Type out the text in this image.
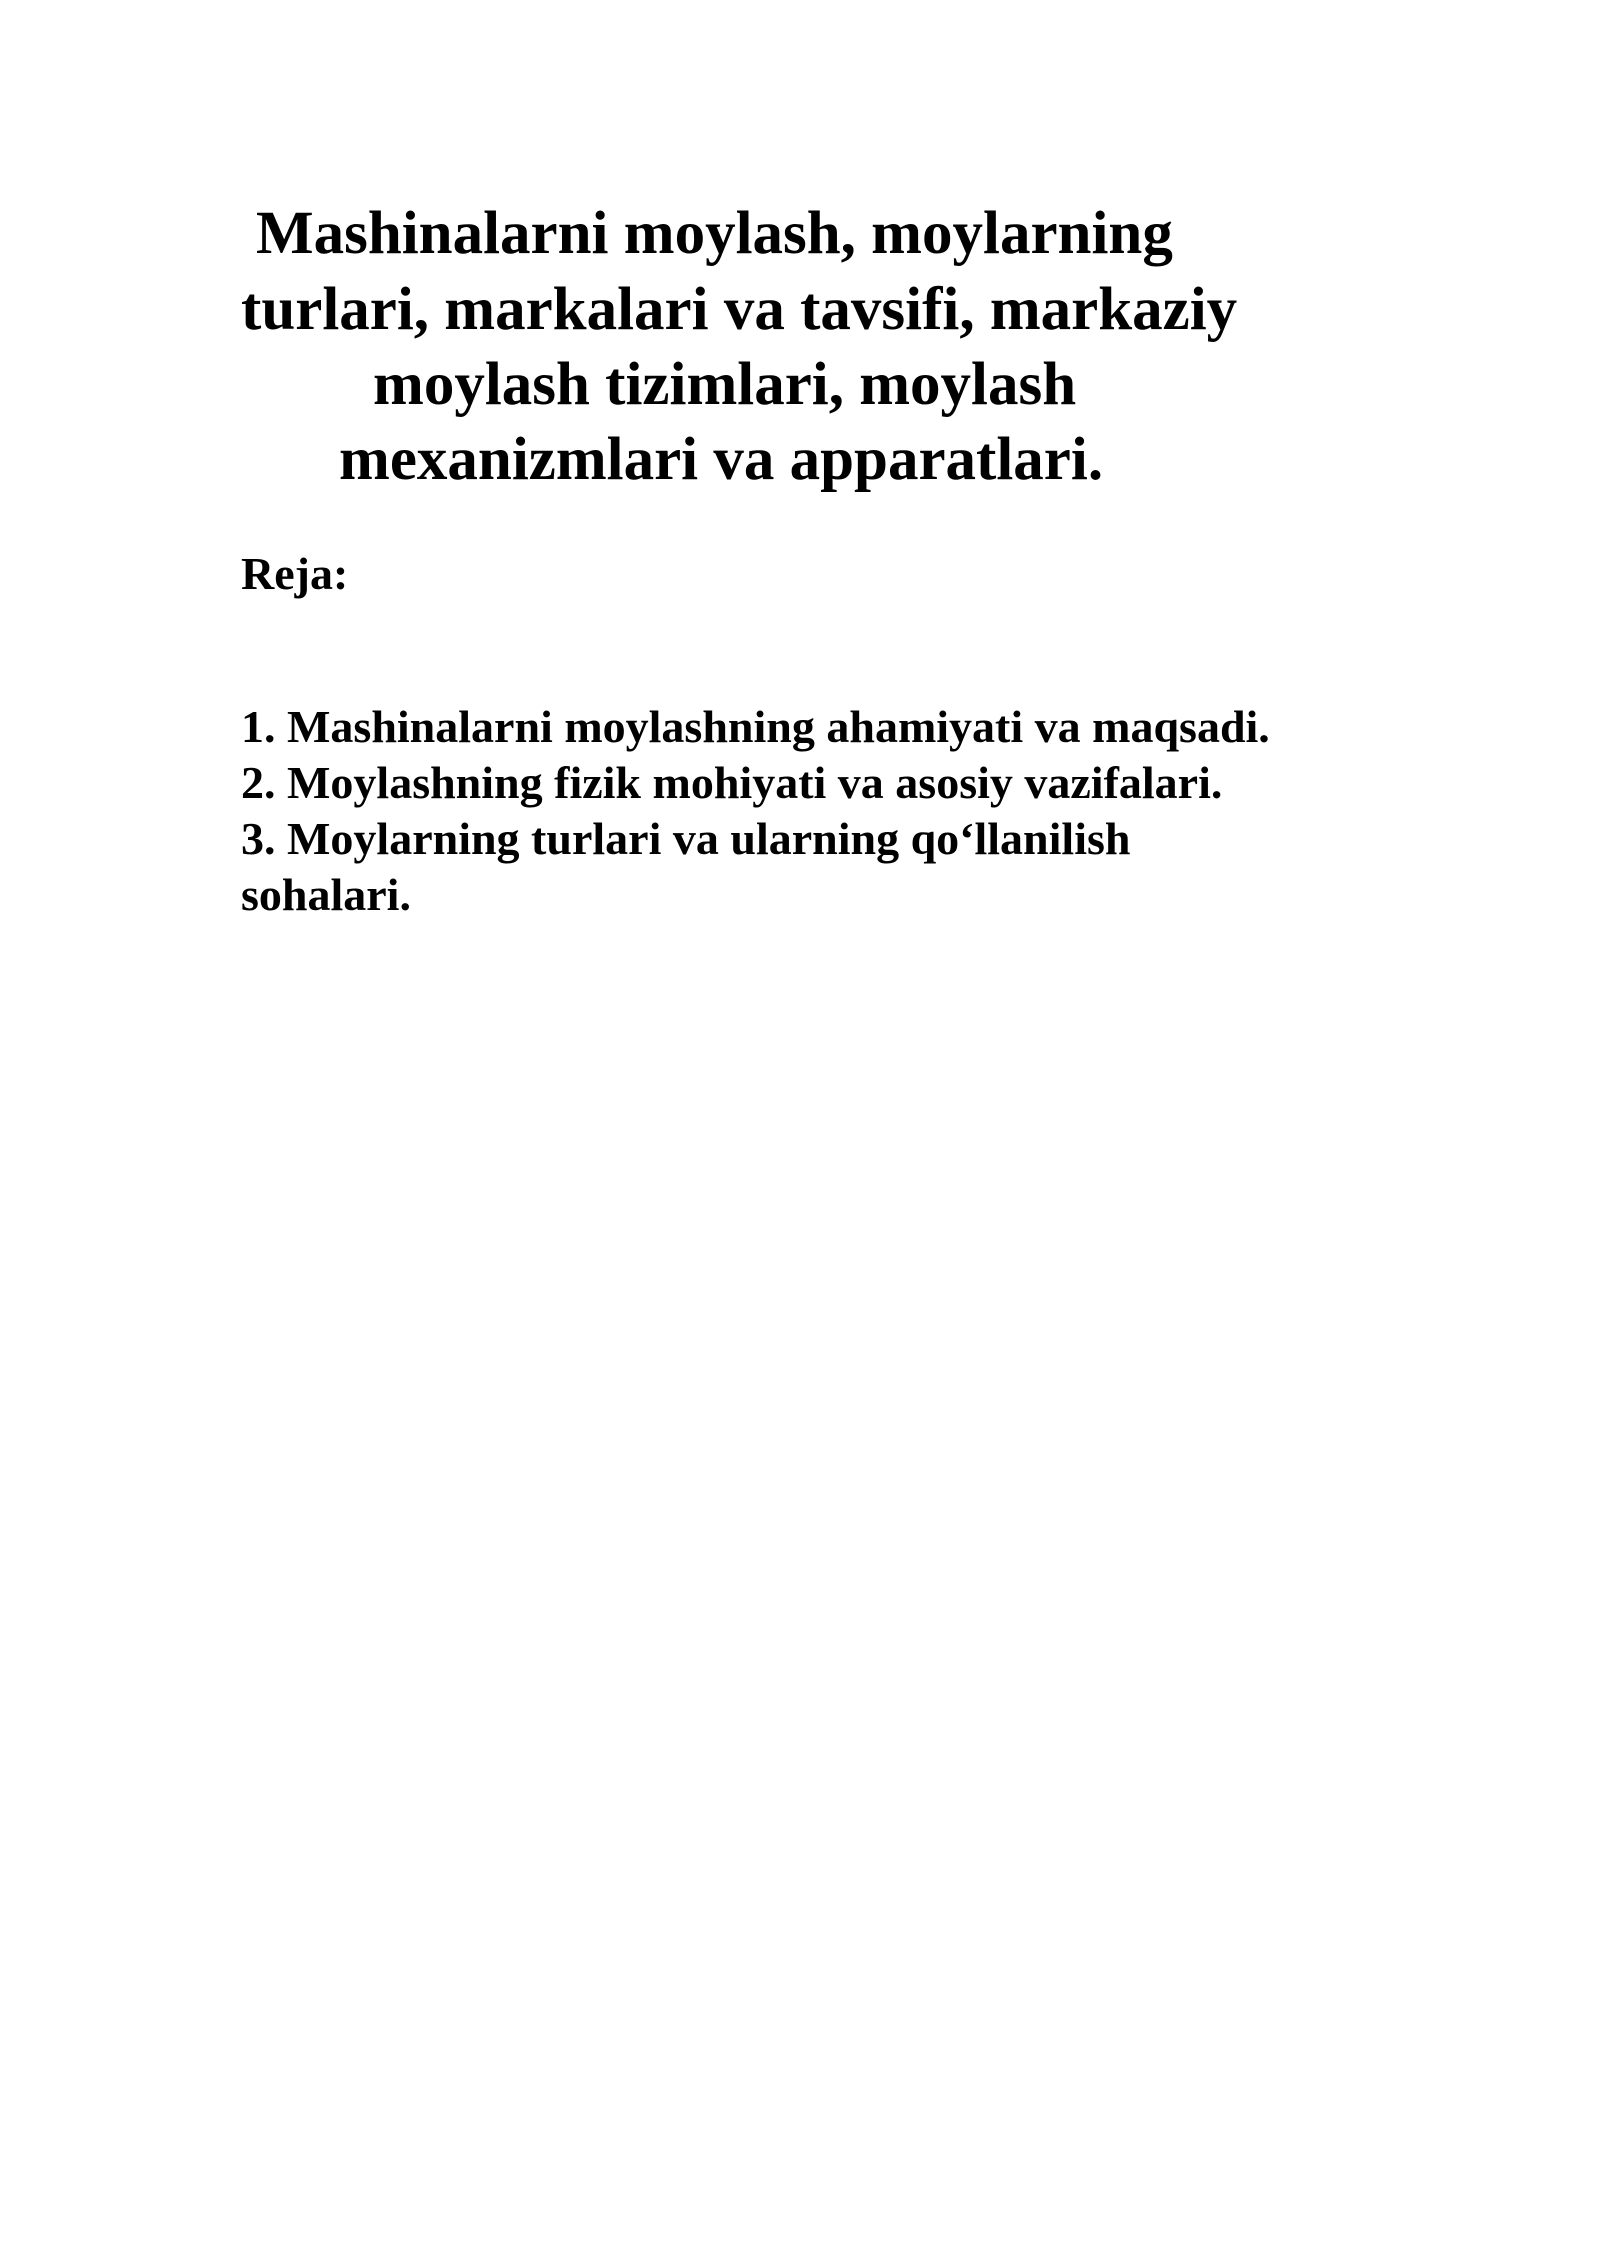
Mashinalarni moylash, moylarning
turlari, markalari va tavsifi, markaziy
moylash tizimlari, moylash
mexanizmlari va apparatlari.

Reja:

1. Mashinalarni moylashning ahamiyati va maqsadi.

2. Moylashning fizik mohiyati va asosiy vazifalari.

3. Moylarning turlari va ularning qo‘llanilish

sohalari.
